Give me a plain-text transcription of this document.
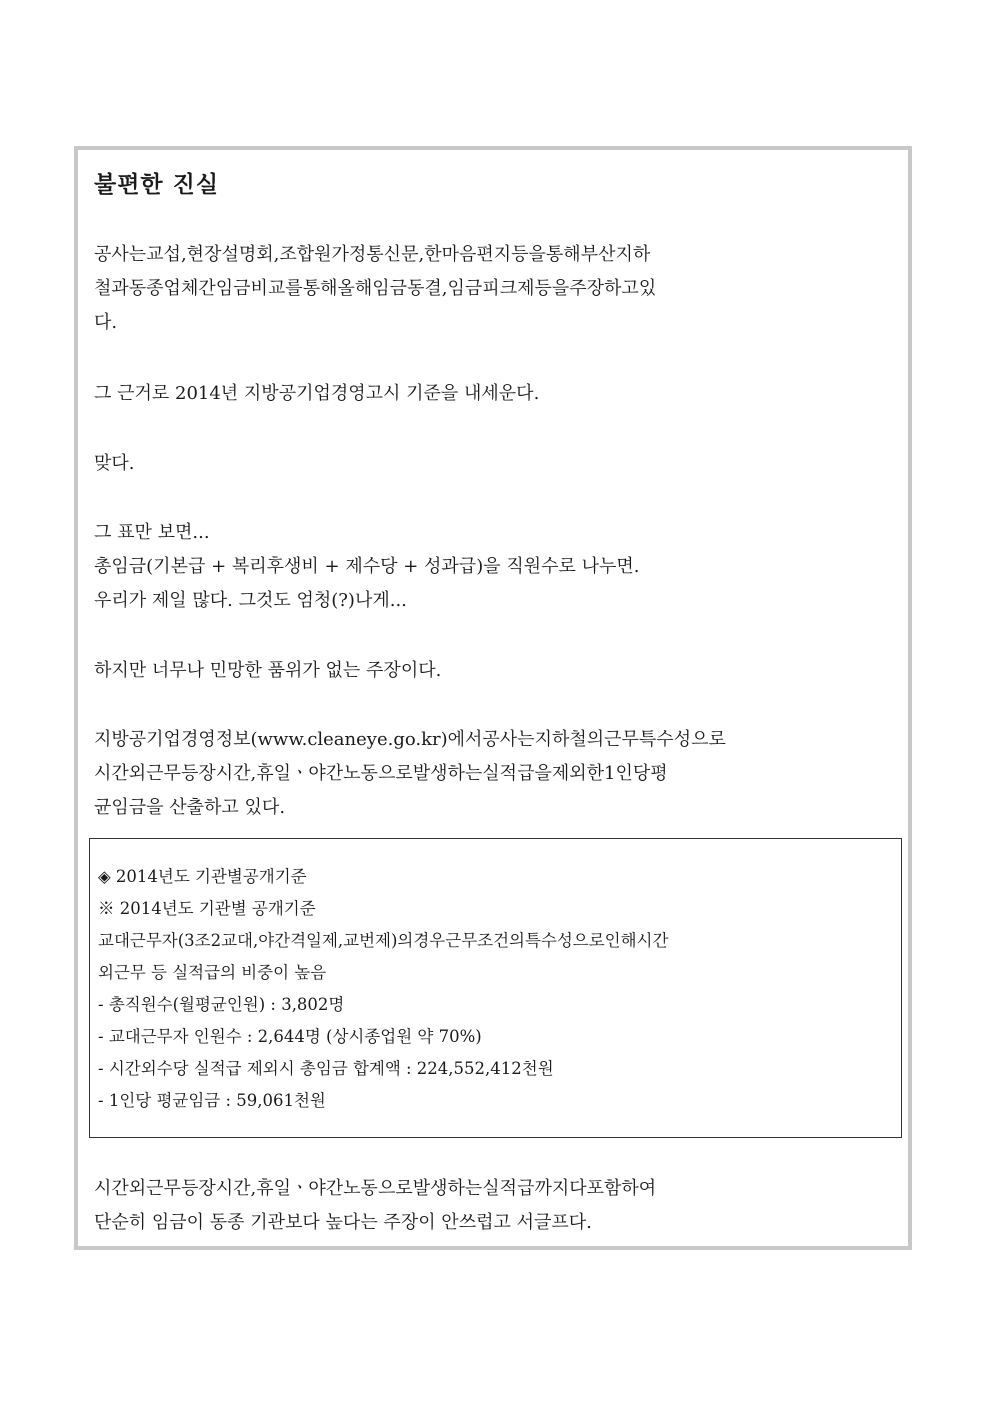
불편한 진실
공사는교섭,현장설명회,조합원가정통신문,한마음편지등을통해부산지하
철과동종업체간임금비교를통해올해임금동결,임금피크제등을주장하고있
다.
그 근거로 2014년 지방공기업경영고시 기준을 내세운다.
맞다.
그 표만 보면...
총임금(기본급 + 복리후생비 + 제수당 + 성과급)을 직원수로 나누면.
우리가 제일 많다. 그것도 엄청(?)나게...
하지만 너무나 민망한 품위가 없는 주장이다.
지방공기업경영정보(www.cleaneye.go.kr)에서공사는지하철의근무특수성으로
시간외근무등장시간,휴일ㆍ야간노동으로발생하는실적급을제외한1인당평
균임금을 산출하고 있다.
◈ 2014년도 기관별공개기준
※ 2014년도 기관별 공개기준
교대근무자(3조2교대,야간격일제,교번제)의경우근무조건의특수성으로인해시간
외근무 등 실적급의 비중이 높음
- 총직원수(월평균인원) : 3,802명
- 교대근무자 인원수 : 2,644명 (상시종업원 약 70%)
- 시간외수당 실적급 제외시 총임금 합계액 : 224,552,412천원
- 1인당 평균임금 : 59,061천원
시간외근무등장시간,휴일ㆍ야간노동으로발생하는실적급까지다포함하여
단순히 임금이 동종 기관보다 높다는 주장이 안쓰럽고 서글프다.
